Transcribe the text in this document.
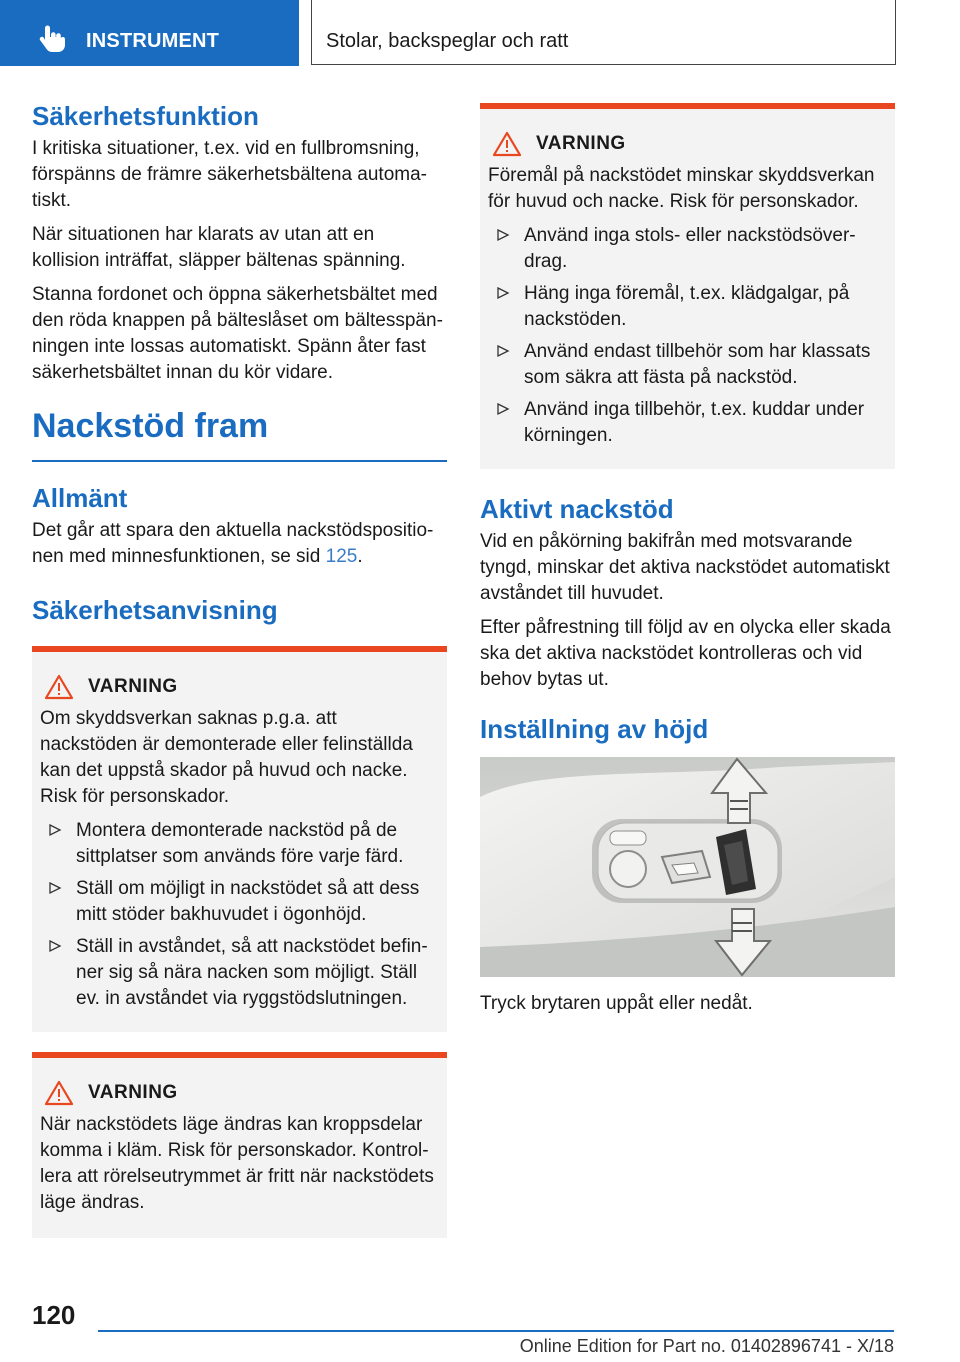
INSTRUMENT	Stolar, backspeglar och ratt
Säkerhetsfunktion

I kritiska situationer, t.ex. vid en fullbromsning, förspänns de främre säkerhetsbältena automatiskt.

När situationen har klarats av utan att en kollision inträffat, släpper bältenas spänning.

Stanna fordonet och öppna säkerhetsbältet med den röda knappen på bälteslåset om bältesspänningen inte lossas automatiskt. Spänn åter fast säkerhetsbältet innan du kör vidare.

Nackstöd fram
Allmänt

Det går att spara den aktuella nackstödspositionen med minnesfunktionen, se sid 125.

Säkerhetsanvisning
VARNING

Om skyddsverkan saknas p.g.a. att nackstöden är demonterade eller felinställda kan det uppstå skador på huvud och nacke. Risk för personskador.

Montera demonterade nackstöd på de sittplatser som används före varje färd.
Ställ om möjligt in nackstödet så att dess mitt stöder bakhuvudet i ögonhöjd.
Ställ in avståndet, så att nackstödet befinner sig så nära nacken som möjligt. Ställ ev. in avståndet via ryggstödslutningen.
VARNING

När nackstödets läge ändras kan kroppsdelar komma i kläm. Risk för personskador. Kontrollera att rörelseutrymmet är fritt när nackstödets läge ändras.

VARNING

Föremål på nackstödet minskar skyddsverkan för huvud och nacke. Risk för personskador.

Använd inga stols- eller nackstödsöverdrag.
Häng inga föremål, t.ex. klädgalgar, på nackstöden.
Använd endast tillbehör som har klassats som säkra att fästa på nackstöd.
Använd inga tillbehör, t.ex. kuddar under körningen.
Aktivt nackstöd

Vid en påkörning bakifrån med motsvarande tyngd, minskar det aktiva nackstödet automatiskt avståndet till huvudet.

Efter påfrestning till följd av en olycka eller skada ska det aktiva nackstödet kontrolleras och vid behov bytas ut.

Inställning av höjd

Tryck brytaren uppåt eller nedåt.

120
Online Edition for Part no. 01402896741 - X/18
